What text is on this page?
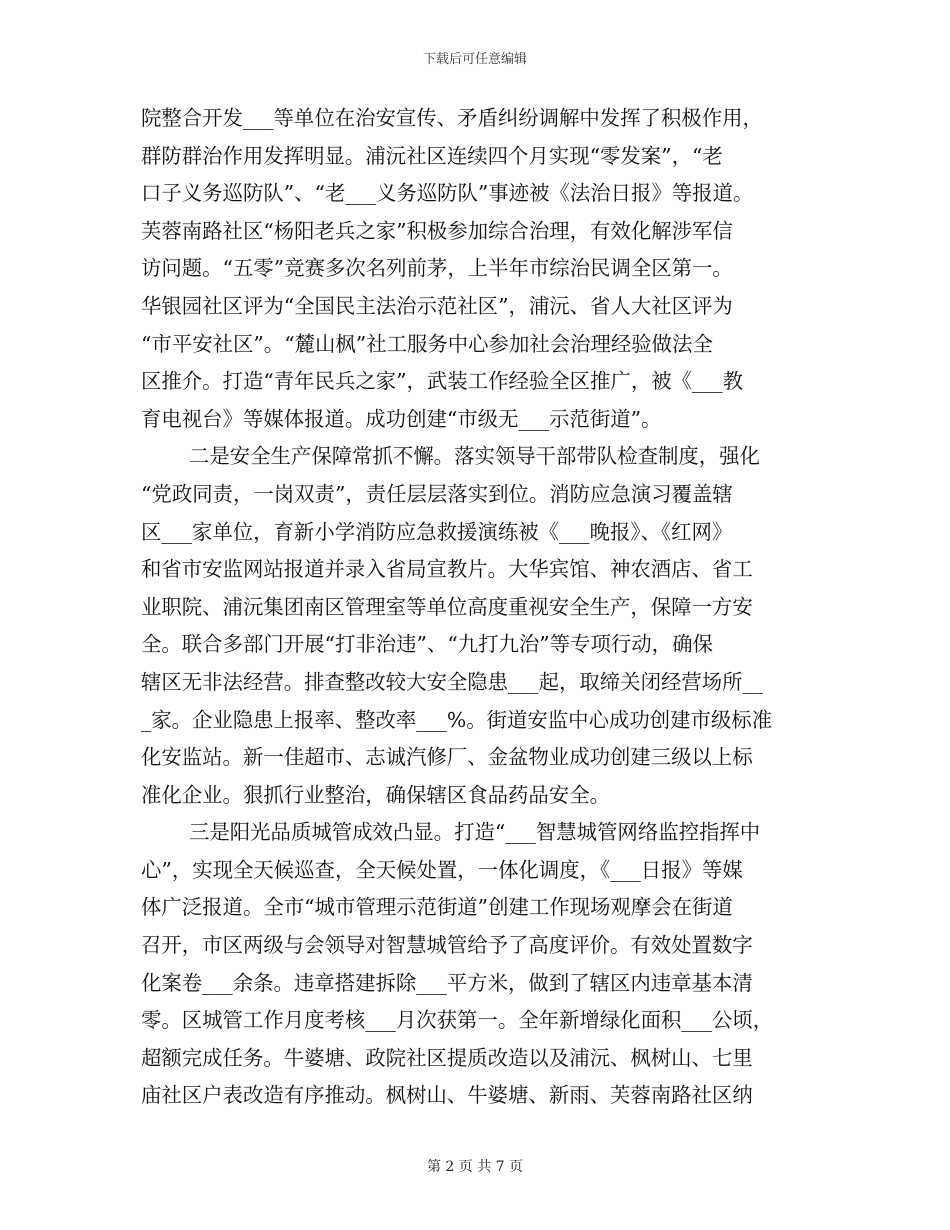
下载后可任意编辑
院整合开发___等单位在治安宣传、矛盾纠纷调解中发挥了积极作用，
群防群治作用发挥明显。浦沅社区连续四个月实现“零发案”，“老
口子义务巡防队”、“老___义务巡防队”事迹被《法治日报》等报道。
芙蓉南路社区“杨阳老兵之家”积极参加综合治理，有效化解涉军信
访问题。“五零”竞赛多次名列前茅，上半年市综治民调全区第一。
华银园社区评为“全国民主法治示范社区”，浦沅、省人大社区评为
“市平安社区”。“麓山枫”社工服务中心参加社会治理经验做法全
区推介。打造“青年民兵之家”，武装工作经验全区推广，被《___教
育电视台》等媒体报道。成功创建“市级无___示范街道”。
二是安全生产保障常抓不懈。落实领导干部带队检查制度，强化
“党政同责，一岗双责”，责任层层落实到位。消防应急演习覆盖辖
区___家单位，育新小学消防应急救援演练被《___晚报》、《红网》
和省市安监网站报道并录入省局宣教片。大华宾馆、神农酒店、省工
业职院、浦沅集团南区管理室等单位高度重视安全生产，保障一方安
全。联合多部门开展“打非治违”、“九打九治”等专项行动，确保
辖区无非法经营。排查整改较大安全隐患___起，取缔关闭经营场所__
_家。企业隐患上报率、整改率___%。街道安监中心成功创建市级标准
化安监站。新一佳超市、志诚汽修厂、金盆物业成功创建三级以上标
准化企业。狠抓行业整治，确保辖区食品药品安全。
三是阳光品质城管成效凸显。打造“___智慧城管网络监控指挥中
心”，实现全天候巡查，全天候处置，一体化调度，《___日报》等媒
体广泛报道。全市“城市管理示范街道”创建工作现场观摩会在街道
召开，市区两级与会领导对智慧城管给予了高度评价。有效处置数字
化案卷___余条。违章搭建拆除___平方米，做到了辖区内违章基本清
零。区城管工作月度考核___月次获第一。全年新增绿化面积___公顷，
超额完成任务。牛婆塘、政院社区提质改造以及浦沅、枫树山、七里
庙社区户表改造有序推动。枫树山、牛婆塘、新雨、芙蓉南路社区纳
第 2 页 共 7 页
